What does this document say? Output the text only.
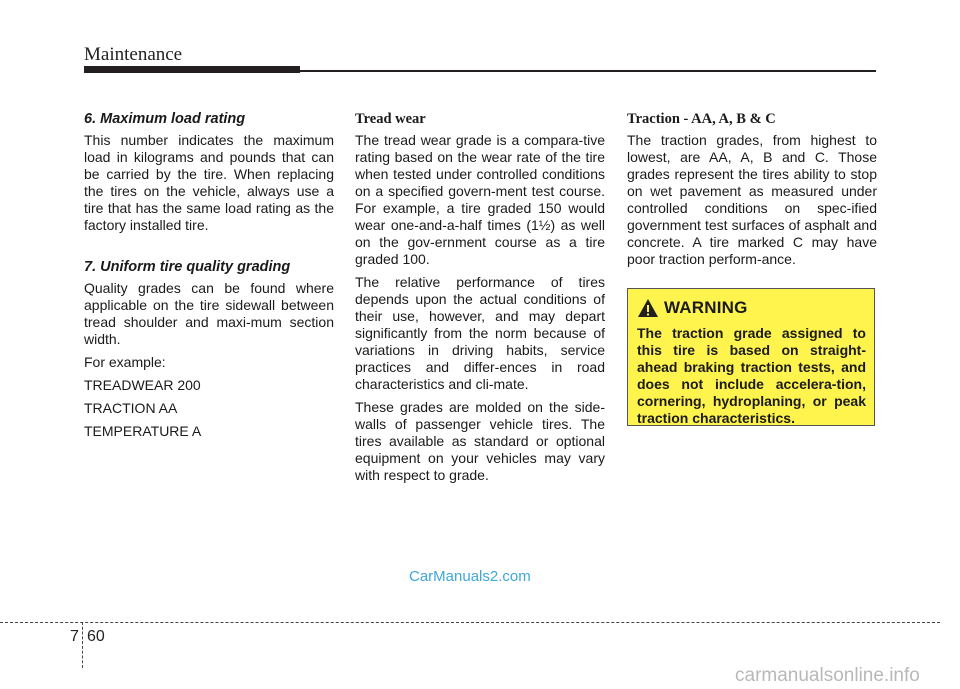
Maintenance
6. Maximum load rating

This number indicates the maximum load in kilograms and pounds that can be carried by the tire. When replacing the tires on the vehicle, always use a tire that has the same load rating as the factory installed tire.

7. Uniform tire quality grading

Quality grades can be found where applicable on the tire sidewall between tread shoulder and maxi-mum section width.

For example:

TREADWEAR 200

TRACTION AA

TEMPERATURE A

Tread wear

The tread wear grade is a compara-tive rating based on the wear rate of the tire when tested under controlled conditions on a specified govern-ment test course. For example, a tire graded 150 would wear one-and-a-half times (1½) as well on the gov-ernment course as a tire graded 100.

The relative performance of tires depends upon the actual conditions of their use, however, and may depart significantly from the norm because of variations in driving habits, service practices and differ-ences in road characteristics and cli-mate.

These grades are molded on the side-walls of passenger vehicle tires. The tires available as standard or optional equipment on your vehicles may vary with respect to grade.

Traction - AA, A, B & C

The traction grades, from highest to lowest, are AA, A, B and C. Those grades represent the tires ability to stop on wet pavement as measured under controlled conditions on spec-ified government test surfaces of asphalt and concrete. A tire marked C may have poor traction perform-ance.

WARNING

The traction grade assigned to this tire is based on straight-ahead braking traction tests, and does not include accelera-tion, cornering, hydroplaning, or peak traction characteristics.

CarManuals2.com
7 60
carmanualsonline.info
